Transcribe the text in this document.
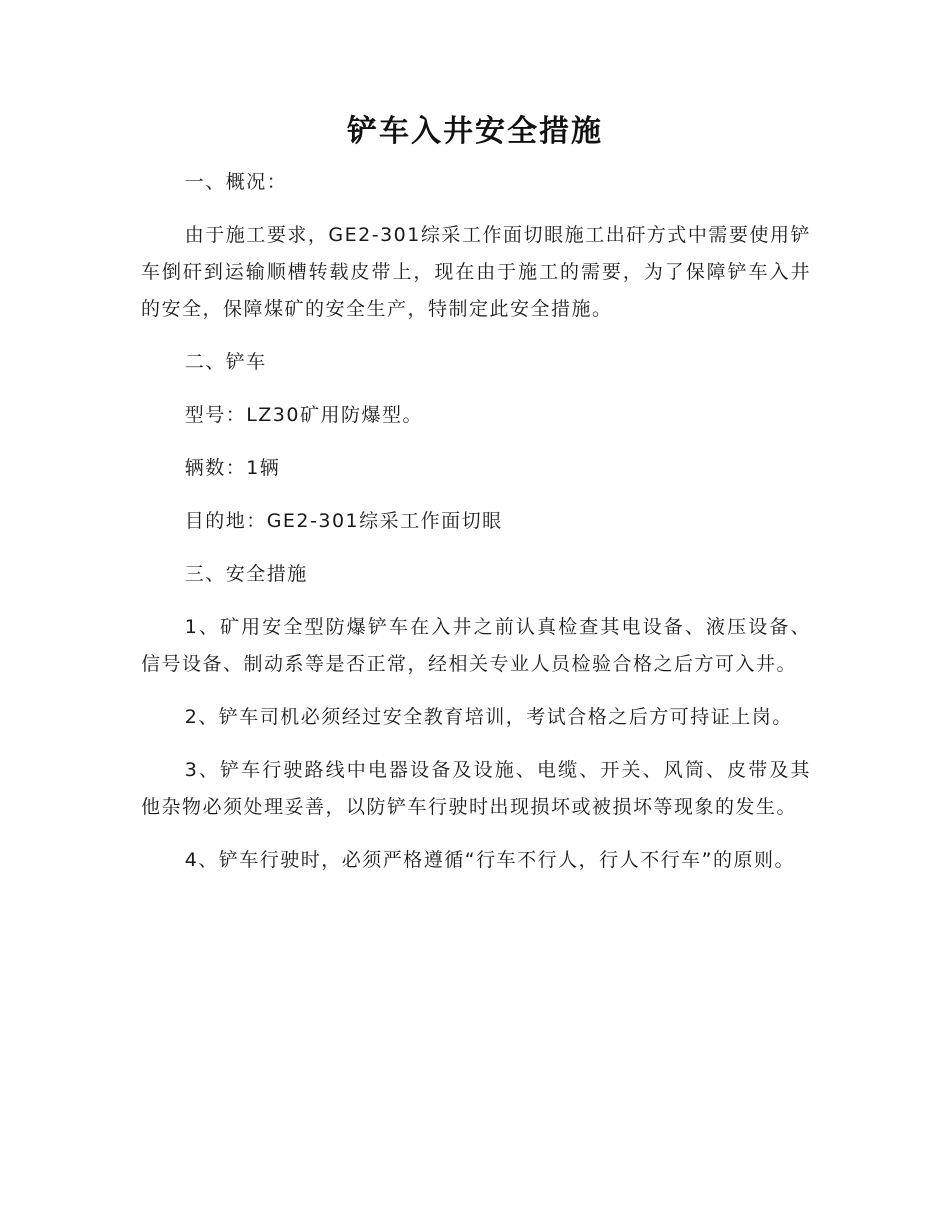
铲车入井安全措施

一、概况：

由于施工要求，GE2-301综采工作面切眼施工出矸方式中需要使用铲车倒矸到运输顺槽转载皮带上，现在由于施工的需要，为了保障铲车入井的安全，保障煤矿的安全生产，特制定此安全措施。

二、铲车

型号：LZ30矿用防爆型。

辆数：1辆

目的地：GE2-301综采工作面切眼

三、安全措施

1、矿用安全型防爆铲车在入井之前认真检查其电设备、液压设备、信号设备、制动系等是否正常，经相关专业人员检验合格之后方可入井。

2、铲车司机必须经过安全教育培训，考试合格之后方可持证上岗。

3、铲车行驶路线中电器设备及设施、电缆、开关、风筒、皮带及其他杂物必须处理妥善，以防铲车行驶时出现损坏或被损坏等现象的发生。

4、铲车行驶时，必须严格遵循“行车不行人，行人不行车”的原则。
